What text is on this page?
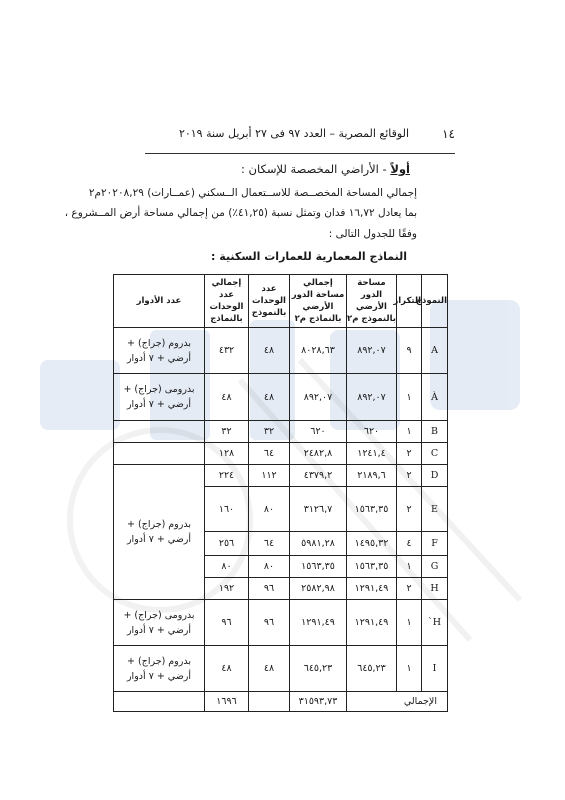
الوقائع المصرية – العدد ٩٧ فى ٢٧ أبريل سنة ٢٠١٩	١٤
أولاً - الأراضي المخصصة للإسكان :
إجمالي المساحة المخصــصة للاســتعمال الــسكني (عمــارات) ٢٠٢٠٨,٢٩م٢
بما يعادل ١٦,٧٢ فدان وتمثل نسبة (٤١,٢٥٪) من إجمالي مساحة أرض المــشروع ،
وفقًا للجدول التالى :
النماذج المعمارية للعمارات السكنية :
النموذج	التكرار	مساحة الدور الأرضي بالنموذج م٢	إجمالي مساحة الدور الأرضي بالنماذج م٢	عدد الوحدات بالنموذج	إجمالي عدد الوحدات بالنماذج	عدد الأدوار
A	٩	٨٩٢,٠٧	٨٠٢٨,٦٣	٤٨	٤٣٢	بدروم (جراج) +
أرضي + ٧ أدوار
À	١	٨٩٢,٠٧	٨٩٢,٠٧	٤٨	٤٨	بدرومى (جراج) +
أرضي + ٧ أدوار
B	١	٦٢٠	٦٢٠	٣٢	٣٢	
C	٢	١٢٤١,٤	٢٤٨٢,٨	٦٤	١٢٨	
D	٢	٢١٨٩,٦	٤٣٧٩,٢	١١٢	٢٢٤	بدروم (جراج) +
أرضي + ٧ أدوار
E	٢	١٥٦٣,٣٥	٣١٢٦,٧	٨٠	١٦٠	
F	٤	١٤٩٥,٣٢	٥٩٨١,٢٨	٦٤	٢٥٦	
G	١	١٥٦٣,٣٥	١٥٦٣,٣٥	٨٠	٨٠	
H	٢	١٢٩١,٤٩	٢٥٨٢,٩٨	٩٦	١٩٢	
H`	١	١٢٩١,٤٩	١٢٩١,٤٩	٩٦	٩٦	بدرومى (جراج) +
أرضي + ٧ أدوار
I	١	٦٤٥,٢٣	٦٤٥,٢٣	٤٨	٤٨	بدروم (جراج) +
أرضي + ٧ أدوار
الإجمالي			٣١٥٩٣,٧٣		١٦٩٦	
